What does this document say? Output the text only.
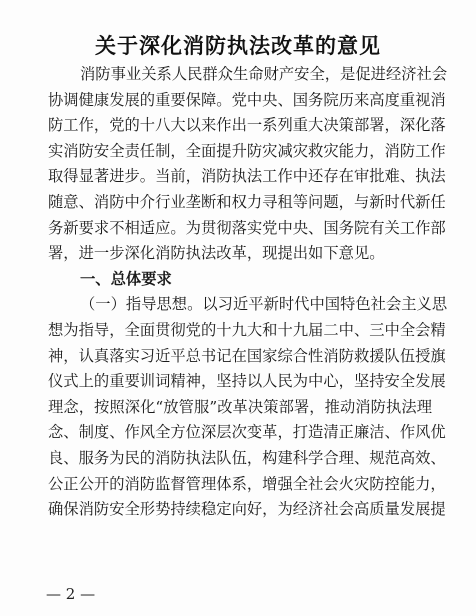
关于深化消防执法改革的意见
消防事业关系人民群众生命财产安全，是促进经济社会
协调健康发展的重要保障。党中央、国务院历来高度重视消
防工作，党的十八大以来作出一系列重大决策部署，深化落
实消防安全责任制，全面提升防灾减灾救灾能力，消防工作
取得显著进步。当前，消防执法工作中还存在审批难、执法
随意、消防中介行业垄断和权力寻租等问题，与新时代新任
务新要求不相适应。为贯彻落实党中央、国务院有关工作部
署，进一步深化消防执法改革，现提出如下意见。
一、总体要求
（一）指导思想。以习近平新时代中国特色社会主义思
想为指导，全面贯彻党的十九大和十九届二中、三中全会精
神，认真落实习近平总书记在国家综合性消防救援队伍授旗
仪式上的重要训词精神，坚持以人民为中心，坚持安全发展
理念，按照深化“放管服”改革决策部署，推动消防执法理
念、制度、作风全方位深层次变革，打造清正廉洁、作风优
良、服务为民的消防执法队伍，构建科学合理、规范高效、
公正公开的消防监督管理体系，增强全社会火灾防控能力，
确保消防安全形势持续稳定向好，为经济社会高质量发展提
— 2 —
